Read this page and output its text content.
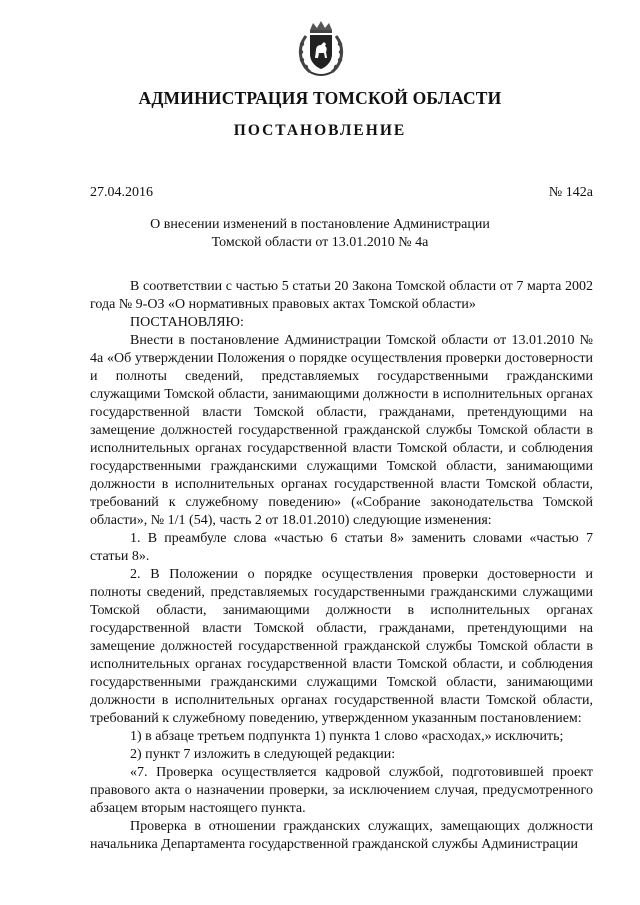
АДМИНИСТРАЦИЯ ТОМСКОЙ ОБЛАСТИ
ПОСТАНОВЛЕНИЕ
27.04.2016	№ 142а
О внесении изменений в постановление Администрации
Томской области от 13.01.2010 № 4а

В соответствии с частью 5 статьи 20 Закона Томской области от 7 марта 2002 года № 9-ОЗ «О нормативных правовых актах Томской области»

ПОСТАНОВЛЯЮ:

Внести в постановление Администрации Томской области от 13.01.2010 № 4а «Об утверждении Положения о порядке осуществления проверки достоверности и полноты сведений, представляемых государственными гражданскими служащими Томской области, занимающими должности в исполнительных органах государственной власти Томской области, гражданами, претендующими на замещение должностей государственной гражданской службы Томской области в исполнительных органах государственной власти Томской области, и соблюдения государственными гражданскими служащими Томской области, занимающими должности в исполнительных органах государственной власти Томской области, требований к служебному поведению» («Собрание законодательства Томской области», № 1/1 (54), часть 2 от 18.01.2010) следующие изменения:

1. В преамбуле слова «частью 6 статьи 8» заменить словами «частью 7 статьи 8».

2. В Положении о порядке осуществления проверки достоверности и полноты сведений, представляемых государственными гражданскими служащими Томской области, занимающими должности в исполнительных органах государственной власти Томской области, гражданами, претендующими на замещение должностей государственной гражданской службы Томской области в исполнительных органах государственной власти Томской области, и соблюдения государственными гражданскими служащими Томской области, занимающими должности в исполнительных органах государственной власти Томской области, требований к служебному поведению, утвержденном указанным постановлением:

1) в абзаце третьем подпункта 1) пункта 1 слово «расходах,» исключить;

2) пункт 7 изложить в следующей редакции:

«7. Проверка осуществляется кадровой службой, подготовившей проект правового акта о назначении проверки, за исключением случая, предусмотренного абзацем вторым настоящего пункта.

Проверка в отношении гражданских служащих, замещающих должности начальника Департамента государственной гражданской службы Администрации
